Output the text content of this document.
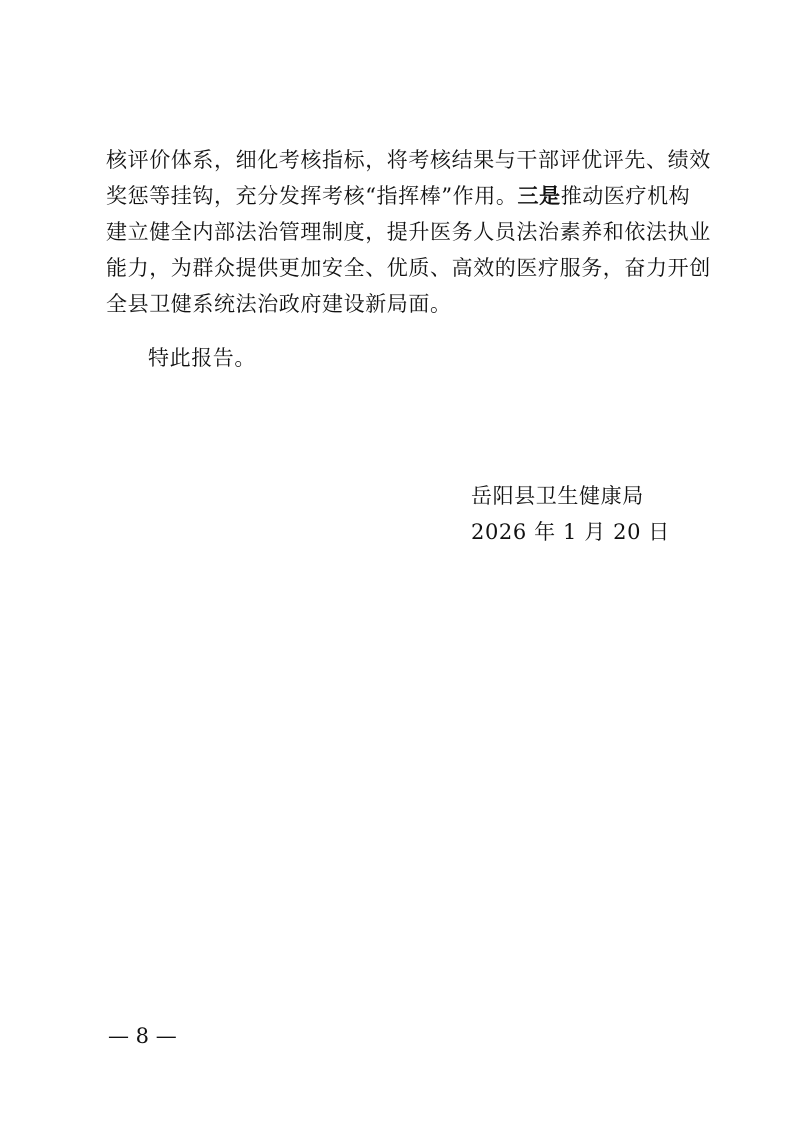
核评价体系，细化考核指标，将考核结果与干部评优评先、绩效
奖惩等挂钩，充分发挥考核“指挥棒”作用。三是推动医疗机构
建立健全内部法治管理制度，提升医务人员法治素养和依法执业
能力，为群众提供更加安全、优质、高效的医疗服务，奋力开创
全县卫健系统法治政府建设新局面。
特此报告。
岳阳县卫生健康局
2026 年 1 月 20 日
— 8 —
